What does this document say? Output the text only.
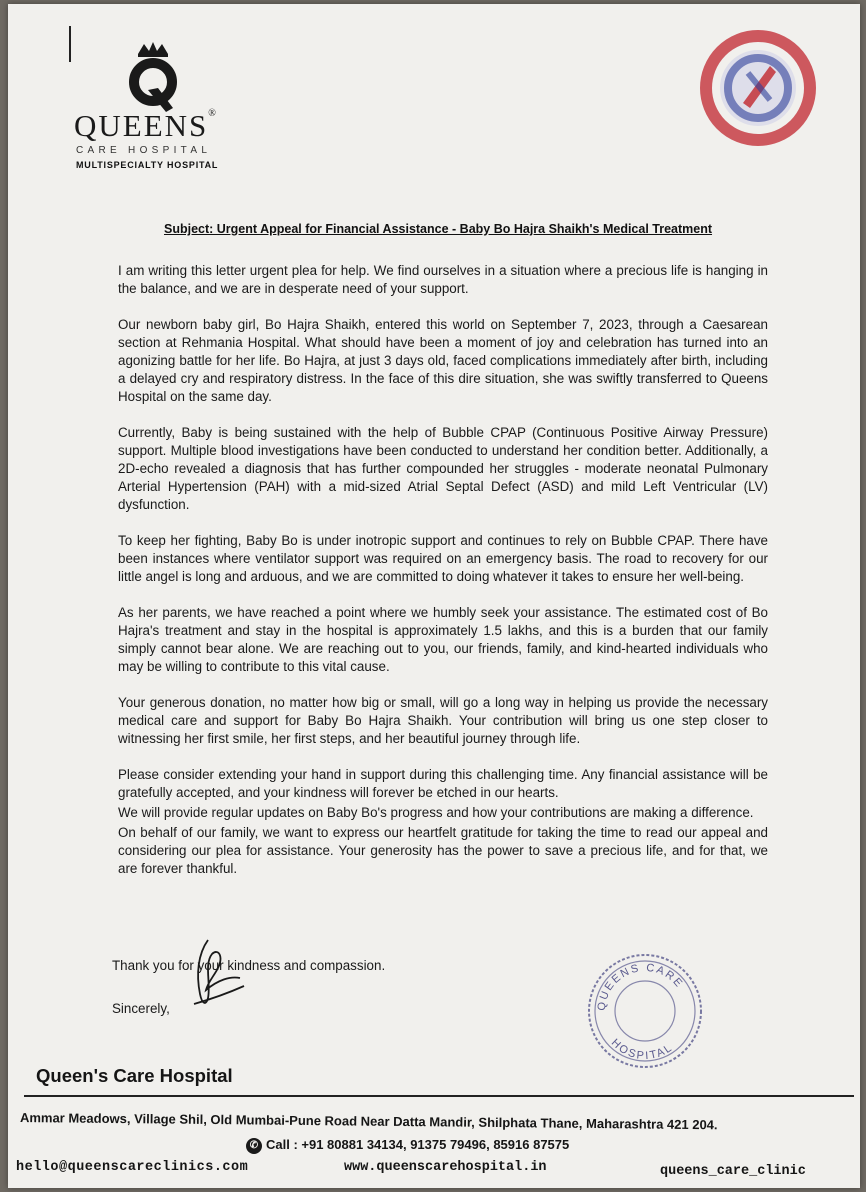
QUEENS®
CARE HOSPITAL
MULTISPECIALTY HOSPITAL
Subject: Urgent Appeal for Financial Assistance - Baby Bo Hajra Shaikh's Medical Treatment

I am writing this letter urgent plea for help. We find ourselves in a situation where a precious life is hanging in the balance, and we are in desperate need of your support.

Our newborn baby girl, Bo Hajra Shaikh, entered this world on September 7, 2023, through a Caesarean section at Rehmania Hospital. What should have been a moment of joy and celebration has turned into an agonizing battle for her life. Bo Hajra, at just 3 days old, faced complications immediately after birth, including a delayed cry and respiratory distress. In the face of this dire situation, she was swiftly transferred to Queens Hospital on the same day.

Currently, Baby is being sustained with the help of Bubble CPAP (Continuous Positive Airway Pressure) support. Multiple blood investigations have been conducted to understand her condition better. Additionally, a 2D-echo revealed a diagnosis that has further compounded her struggles - moderate neonatal Pulmonary Arterial Hypertension (PAH) with a mid-sized Atrial Septal Defect (ASD) and mild Left Ventricular (LV) dysfunction.

To keep her fighting, Baby Bo is under inotropic support and continues to rely on Bubble CPAP. There have been instances where ventilator support was required on an emergency basis. The road to recovery for our little angel is long and arduous, and we are committed to doing whatever it takes to ensure her well-being.

As her parents, we have reached a point where we humbly seek your assistance. The estimated cost of Bo Hajra's treatment and stay in the hospital is approximately 1.5 lakhs, and this is a burden that our family simply cannot bear alone. We are reaching out to you, our friends, family, and kind-hearted individuals who may be willing to contribute to this vital cause.

Your generous donation, no matter how big or small, will go a long way in helping us provide the necessary medical care and support for Baby Bo Hajra Shaikh. Your contribution will bring us one step closer to witnessing her first smile, her first steps, and her beautiful journey through life.

Please consider extending your hand in support during this challenging time. Any financial assistance will be gratefully accepted, and your kindness will forever be etched in our hearts.

We will provide regular updates on Baby Bo's progress and how your contributions are making a difference.

On behalf of our family, we want to express our heartfelt gratitude for taking the time to read our appeal and considering our plea for assistance. Your generosity has the power to save a precious life, and for that, we are forever thankful.

Thank you for your kindness and compassion.
Sincerely,	QUEENS CARE
HOSPITAL
Queen's Care Hospital
Ammar Meadows, Village Shil, Old Mumbai-Pune Road Near Datta Mandir, Shilphata Thane, Maharashtra 421 204.
✆ Call : +91 80881 34134, 91375 79496, 85916 87575
hello@queenscareclinics.com	www.queenscarehospital.in	queens_care_clinic
